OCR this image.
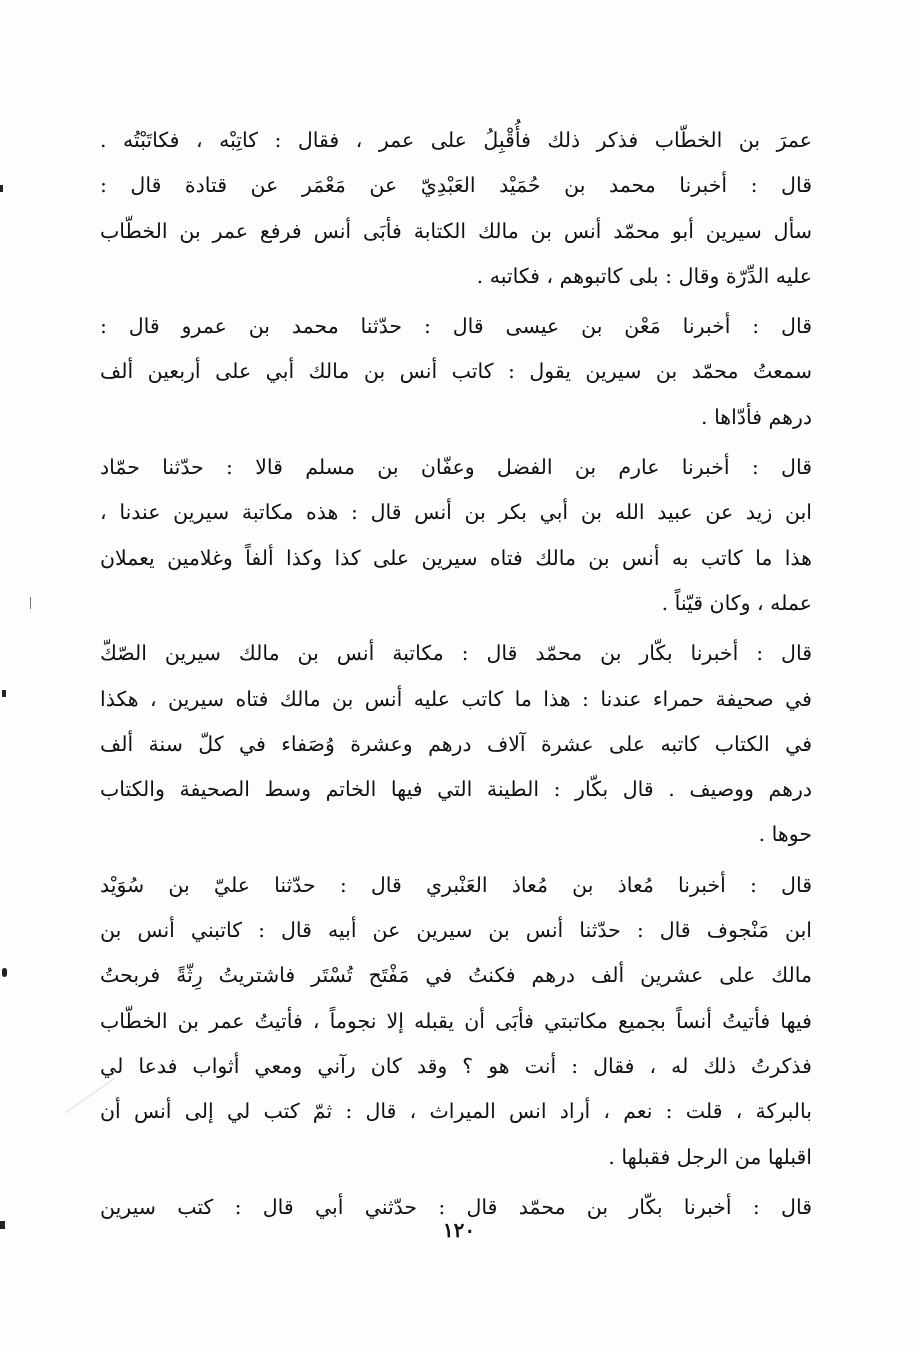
عمرَ بن الخطّاب فذكر ذلك فأُقْبِلُ على عمر ، فقال : كاتِبْه ، فكاتَبْتُه .
قال : أخبرنا محمد بن حُمَيْد العَبْدِيّ عن مَعْمَر عن قتادة قال :
سأل سيرين أبو محمّد أنس بن مالك الكتابة فأبَى أنس فرفع عمر بن الخطّاب
عليه الدِّرّة وقال : بلى كاتبوهم ، فكاتبه .
قال : أخبرنا مَعْن بن عيسى قال : حدّثنا محمد بن عمرو قال :
سمعتُ محمّد بن سيرين يقول : كاتب أنس بن مالك أبي على أربعين ألف
درهم فأدّاها .
قال : أخبرنا عارم بن الفضل وعفّان بن مسلم قالا : حدّثنا حمّاد
ابن زيد عن عبيد الله بن أبي بكر بن أنس قال : هذه مكاتبة سيرين عندنا ،
هذا ما كاتب به أنس بن مالك فتاه سيرين على كذا وكذا ألفاً وغلامين يعملان
عمله ، وكان قيّناً .
قال : أخبرنا بكّار بن محمّد قال : مكاتبة أنس بن مالك سيرين الصّكّ
في صحيفة حمراء عندنا : هذا ما كاتب عليه أنس بن مالك فتاه سيرين ، هكذا
في الكتاب كاتبه على عشرة آلاف درهم وعشرة وُصَفاء في كلّ سنة ألف
درهم ووصيف . قال بكّار : الطينة التي فيها الخاتم وسط الصحيفة والكتاب
حوها .
قال : أخبرنا مُعاذ بن مُعاذ العَنْبري قال : حدّثنا عليّ بن سُوَيْد
ابن مَنْجوف قال : حدّثنا أنس بن سيرين عن أبيه قال : كاتبني أنس بن
مالك على عشرين ألف درهم فكنتُ في مَفْتَح تُسْتَر فاشتريتُ رِثّةً فربحتُ
فيها فأتيتُ أنساً بجميع مكاتبتي فأبَى أن يقبله إلا نجوماً ، فأتيتُ عمر بن الخطّاب
فذكرتُ ذلك له ، فقال : أنت هو ؟ وقد كان رآني ومعي أثواب فدعا لي
بالبركة ، قلت : نعم ، أراد انس الميراث ، قال : ثمّ كتب لي إلى أنس أن
اقبلها من الرجل فقبلها .
قال : أخبرنا بكّار بن محمّد قال : حدّثني أبي قال : كتب سيرين
١٢٠
